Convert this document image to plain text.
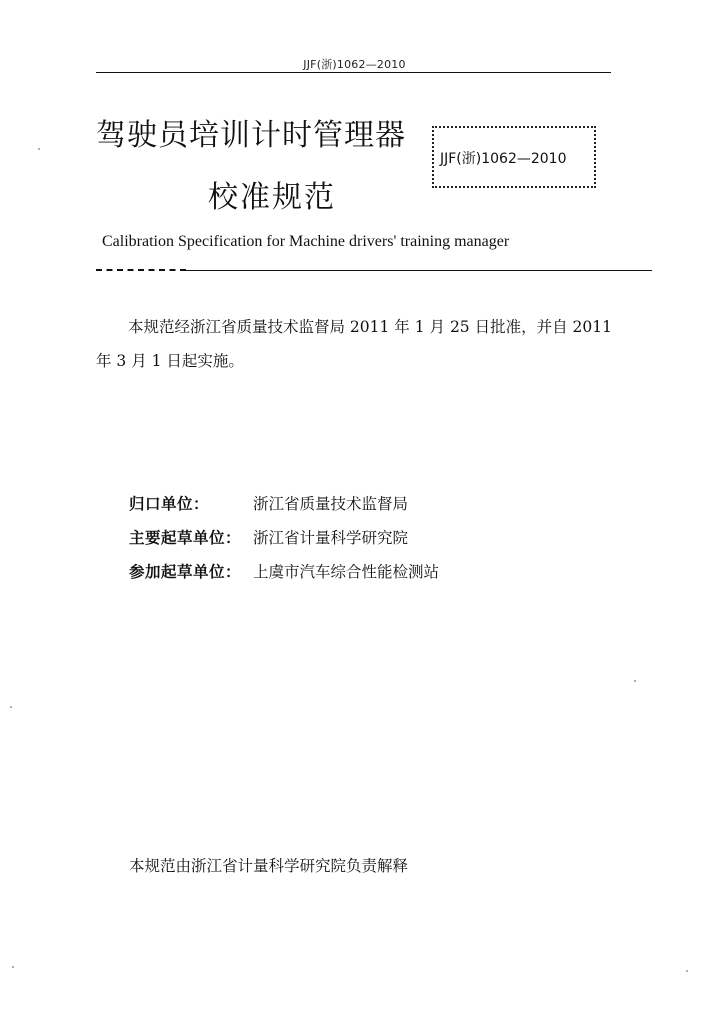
JJF(浙)1062—2010
驾驶员培训计时管理器
校准规范
JJF(浙)1062—2010
Calibration Specification for Machine drivers' training manager
本规范经浙江省质量技术监督局 2011 年 1 月 25 日批准，并自 2011 年 3 月 1 日起实施。
归口单位：	浙江省质量技术监督局
主要起草单位： 浙江省计量科学研究院
参加起草单位： 上虞市汽车综合性能检测站
本规范由浙江省计量科学研究院负责解释
